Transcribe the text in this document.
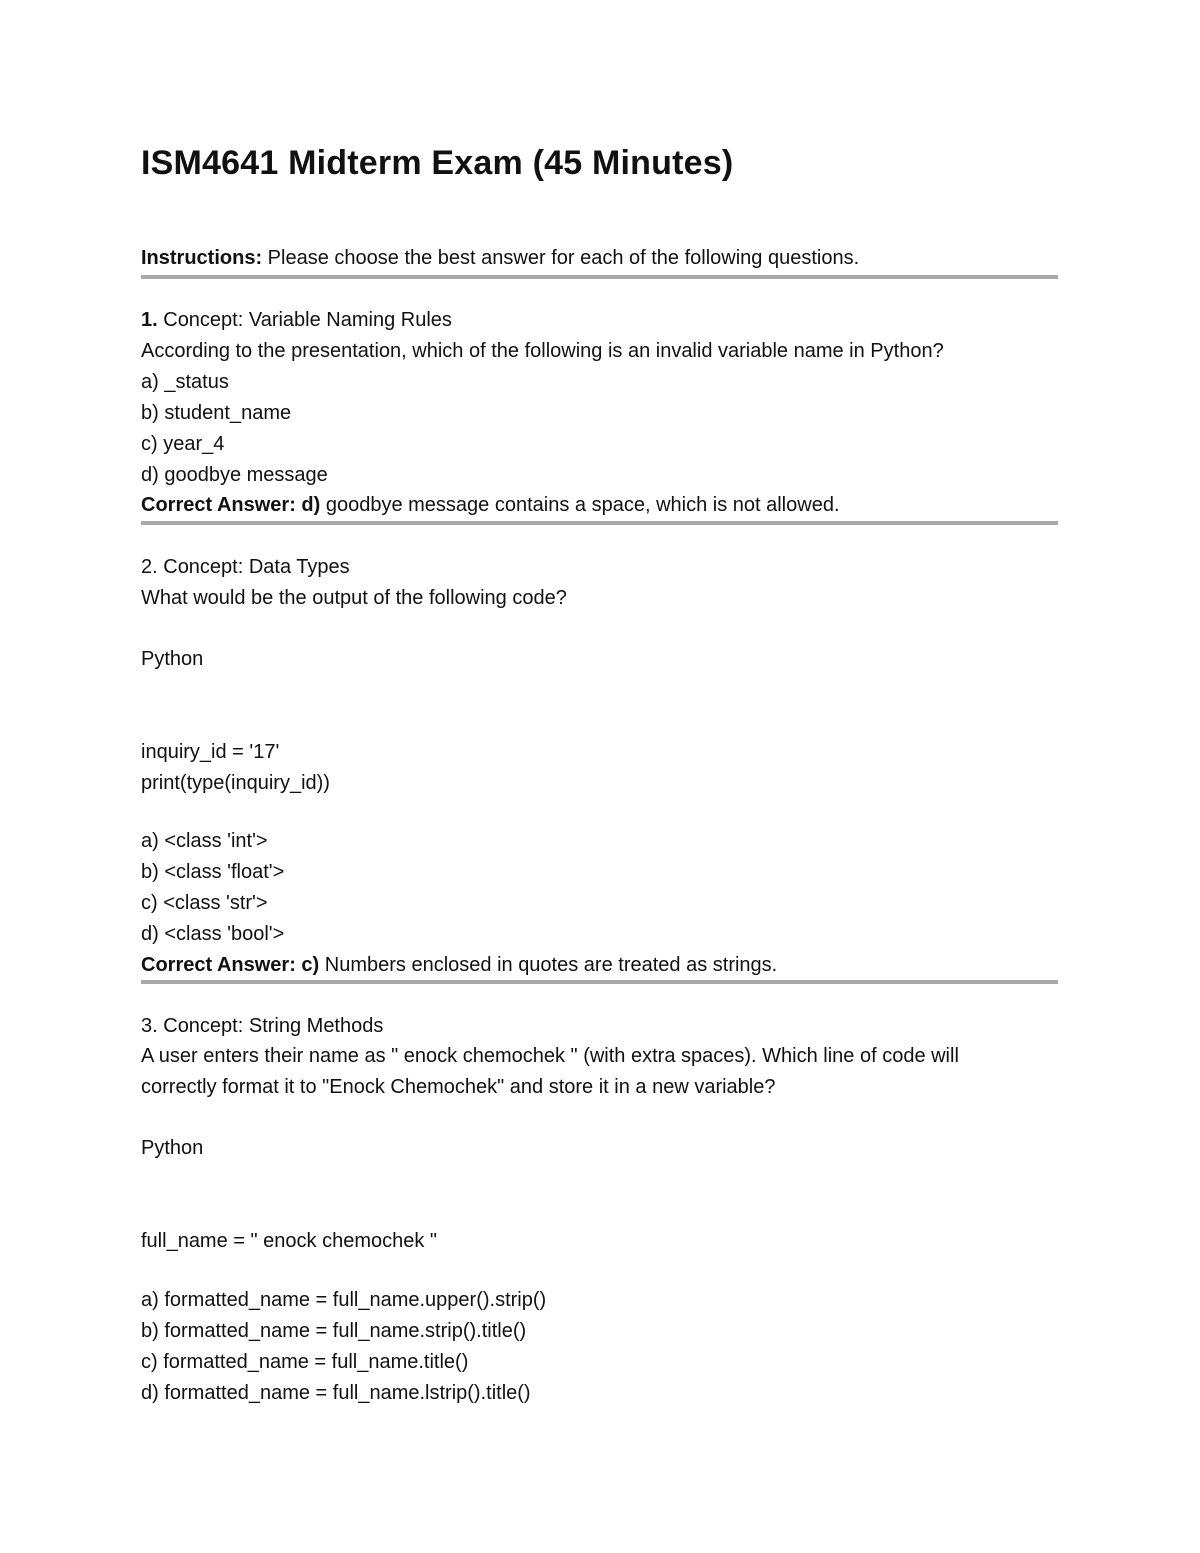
ISM4641 Midterm Exam (45 Minutes)
Instructions: Please choose the best answer for each of the following questions.
1. Concept: Variable Naming Rules
According to the presentation, which of the following is an invalid variable name in Python?
a) _status
b) student_name
c) year_4
d) goodbye message
Correct Answer: d) goodbye message contains a space, which is not allowed.
2. Concept: Data Types
What would be the output of the following code?
Python
inquiry_id = '17'
print(type(inquiry_id))
a) <class 'int'>
b) <class 'float'>
c) <class 'str'>
d) <class 'bool'>
Correct Answer: c) Numbers enclosed in quotes are treated as strings.
3. Concept: String Methods
A user enters their name as " enock chemochek " (with extra spaces). Which line of code will
correctly format it to "Enock Chemochek" and store it in a new variable?
Python
full_name = " enock chemochek "
a) formatted_name = full_name.upper().strip()
b) formatted_name = full_name.strip().title()
c) formatted_name = full_name.title()
d) formatted_name = full_name.lstrip().title()
